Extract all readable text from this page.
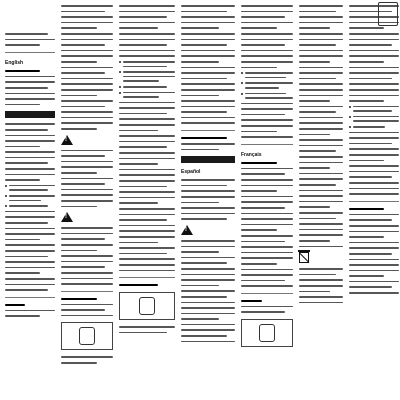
English
!
!
Español
!
Français
